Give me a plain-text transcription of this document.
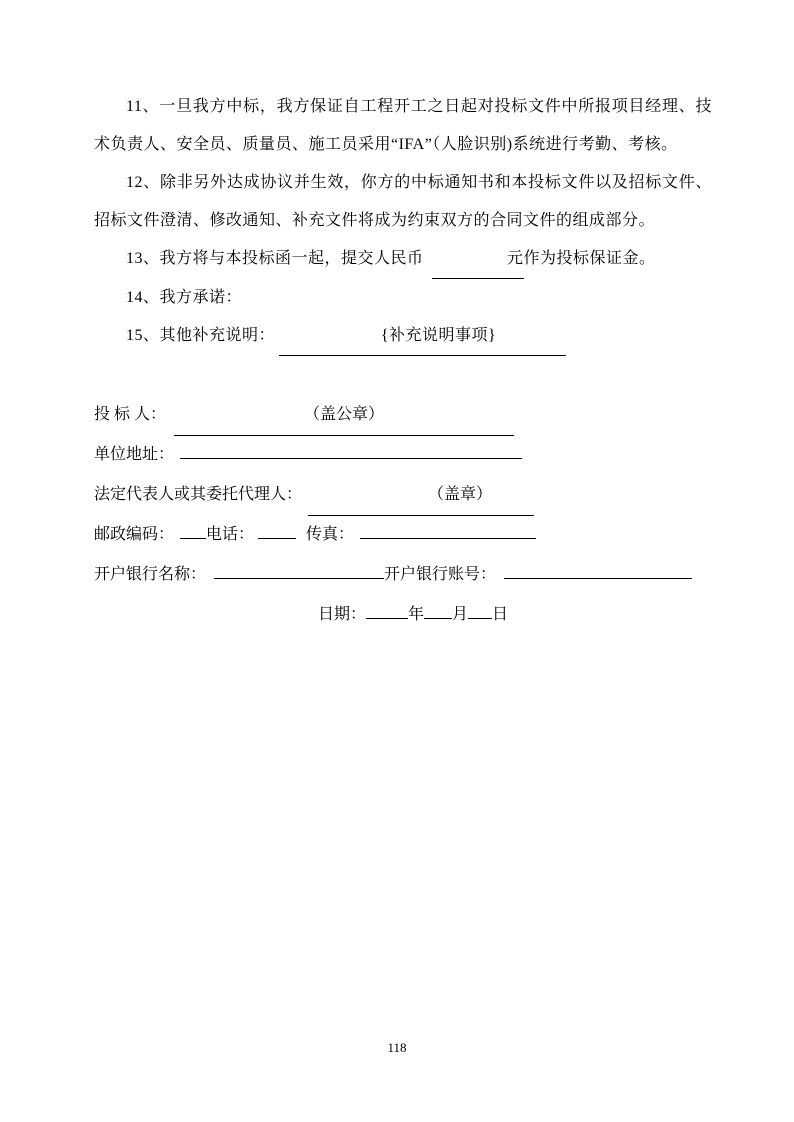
11、一旦我方中标，我方保证自工程开工之日起对投标文件中所报项目经理、技术负责人、安全员、质量员、施工员采用“IFA”（人脸识别)系统进行考勤、考核。

12、除非另外达成协议并生效，你方的中标通知书和本投标文件以及招标文件、招标文件澄清、修改通知、补充文件将成为约束双方的合同文件的组成部分。

13、我方将与本投标函一起，提交人民币	元作为投标保证金。

14、我方承诺：

15、其他补充说明：	{补充说明事项}

投 标 人：	（盖公章）
单位地址：
法定代表人或其委托代理人：	（盖章）
邮政编码： 电话：	传真：
开户银行名称：	开户银行账号：
日期：	年 月 日
118
